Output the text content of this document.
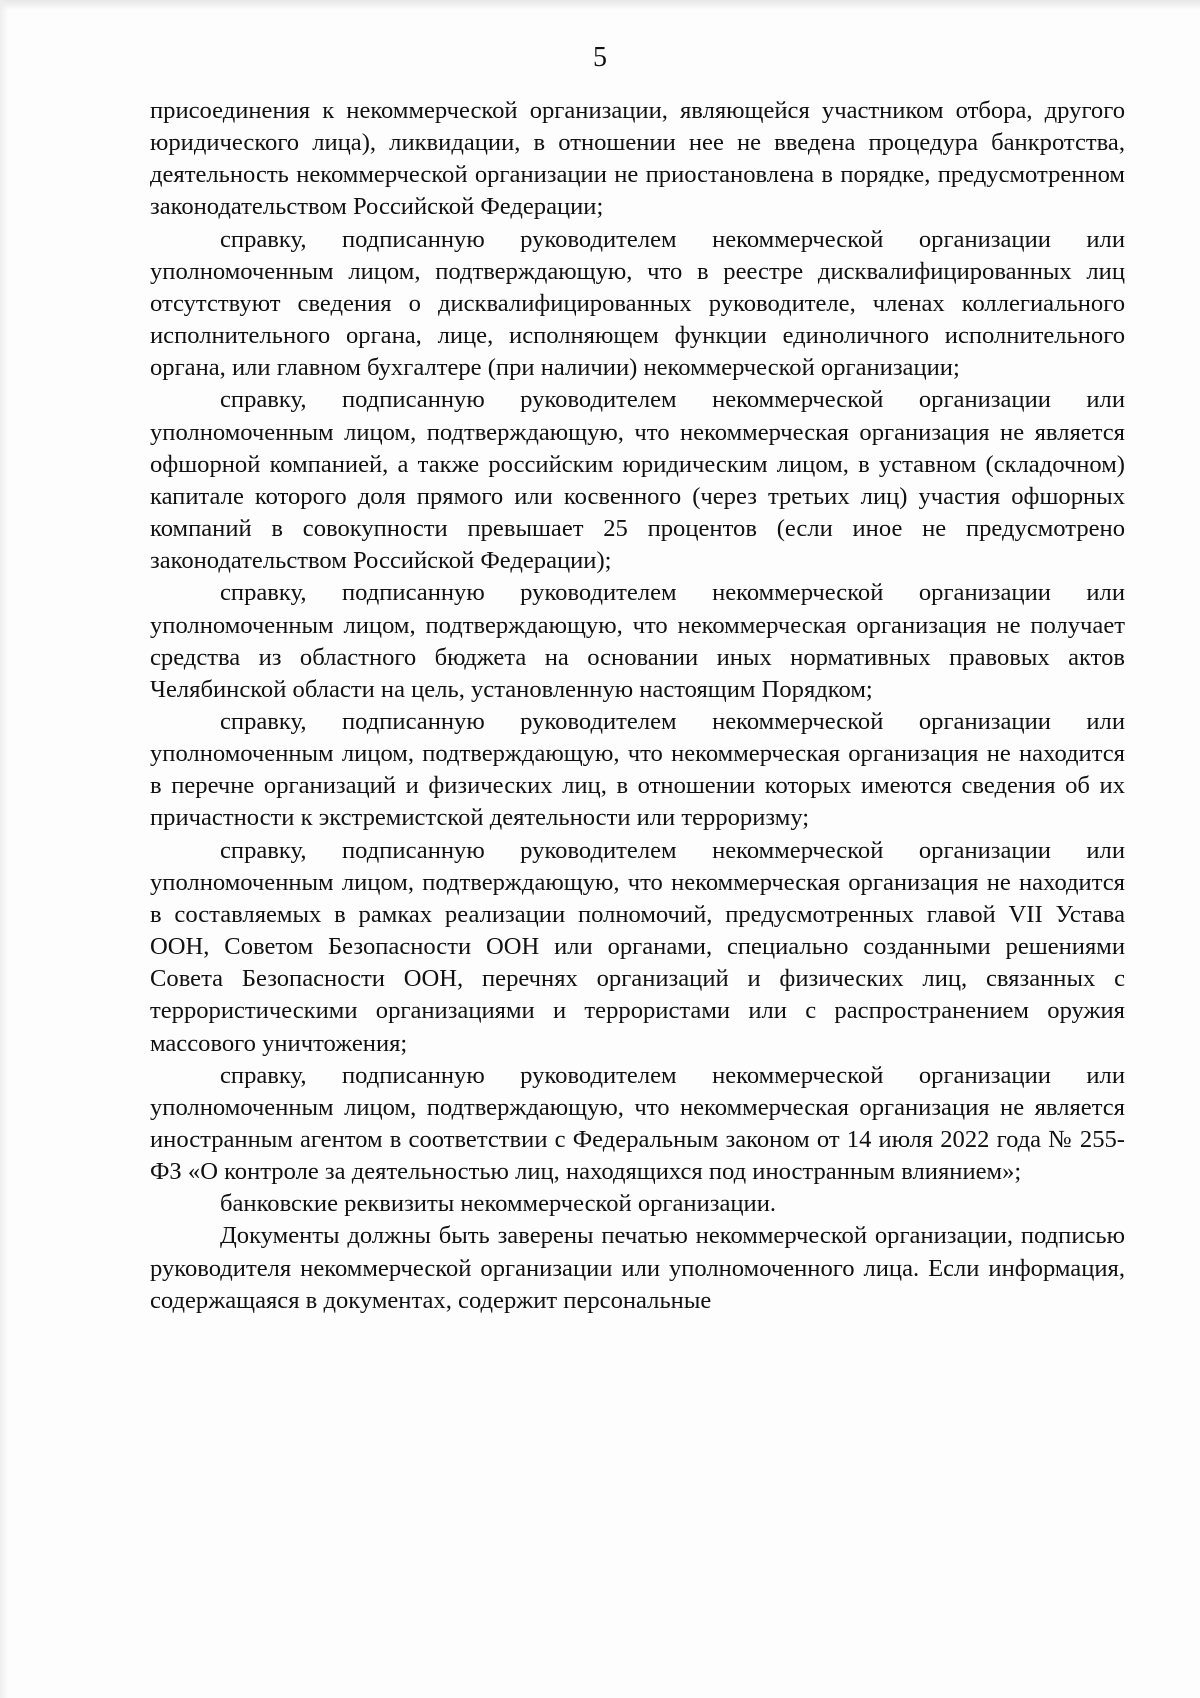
5

присоединения к некоммерческой организации, являющейся участником отбора, другого юридического лица), ликвидации, в отношении нее не введена процедура банкротства, деятельность некоммерческой организации не приостановлена в порядке, предусмотренном законодательством Российской Федерации;

справку, подписанную руководителем некоммерческой организации или уполномоченным лицом, подтверждающую, что в реестре дисквалифицированных лиц отсутствуют сведения о дисквалифицированных руководителе, членах коллегиального исполнительного органа, лице, исполняющем функции единоличного исполнительного органа, или главном бухгалтере (при наличии) некоммерческой организации;

справку, подписанную руководителем некоммерческой организации или уполномоченным лицом, подтверждающую, что некоммерческая организация не является офшорной компанией, а также российским юридическим лицом, в уставном (складочном) капитале которого доля прямого или косвенного (через третьих лиц) участия офшорных компаний в совокупности превышает 25 процентов (если иное не предусмотрено законодательством Российской Федерации);

справку, подписанную руководителем некоммерческой организации или уполномоченным лицом, подтверждающую, что некоммерческая организация не получает средства из областного бюджета на основании иных нормативных правовых актов Челябинской области на цель, установленную настоящим Порядком;

справку, подписанную руководителем некоммерческой организации или уполномоченным лицом, подтверждающую, что некоммерческая организация не находится в перечне организаций и физических лиц, в отношении которых имеются сведения об их причастности к экстремистской деятельности или терроризму;

справку, подписанную руководителем некоммерческой организации или уполномоченным лицом, подтверждающую, что некоммерческая организация не находится в составляемых в рамках реализации полномочий, предусмотренных главой VII Устава ООН, Советом Безопасности ООН или органами, специально созданными решениями Совета Безопасности ООН, перечнях организаций и физических лиц, связанных с террористическими организациями и террористами или с распространением оружия массового уничтожения;

справку, подписанную руководителем некоммерческой организации или уполномоченным лицом, подтверждающую, что некоммерческая организация не является иностранным агентом в соответствии с Федеральным законом от 14 июля 2022 года № 255-ФЗ «О контроле за деятельностью лиц, находящихся под иностранным влиянием»;

банковские реквизиты некоммерческой организации.

Документы должны быть заверены печатью некоммерческой организации, подписью руководителя некоммерческой организации или уполномоченного лица. Если информация, содержащаяся в документах, содержит персональные
